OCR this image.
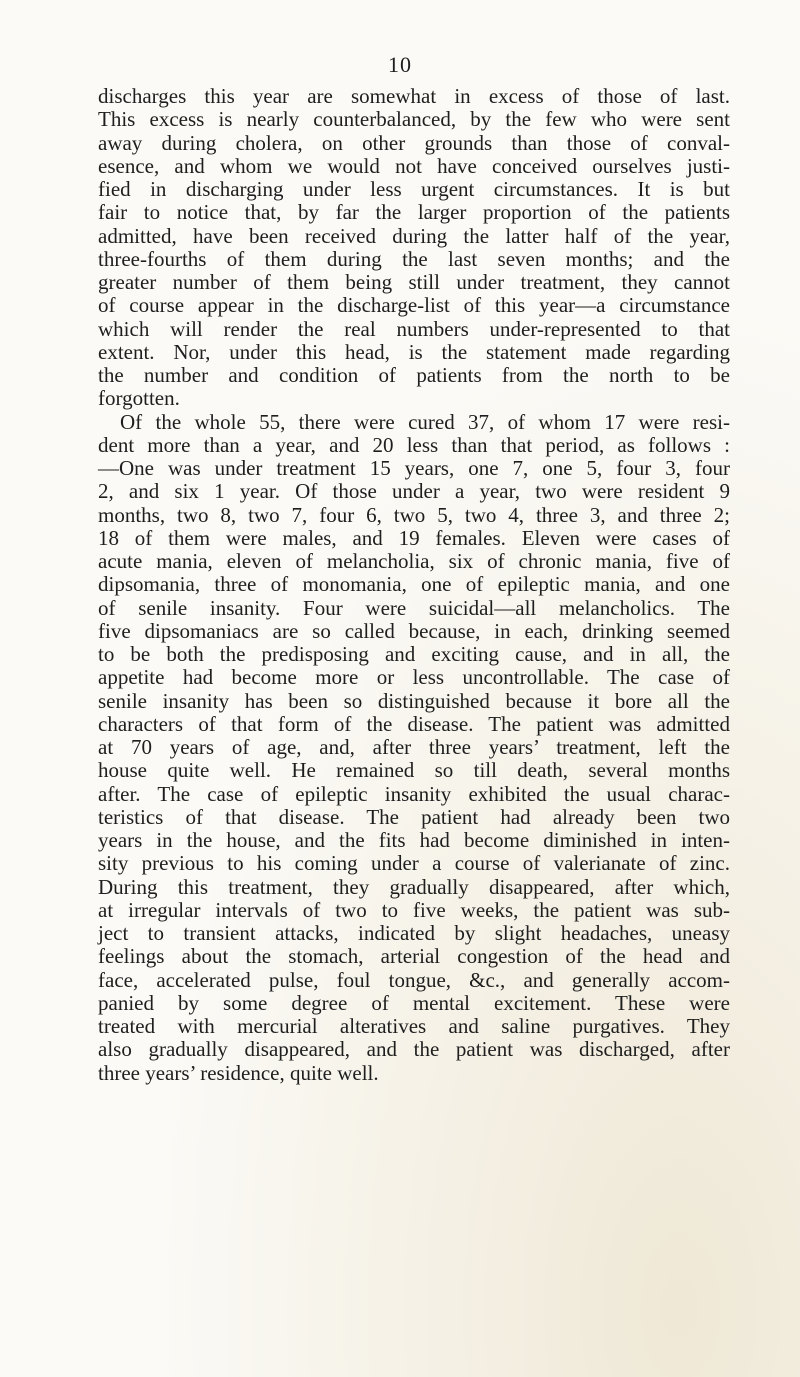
10
discharges this year are somewhat in excess of those of last.
This excess is nearly counterbalanced, by the few who were sent
away during cholera, on other grounds than those of conval-
esence, and whom we would not have conceived ourselves justi-
fied in discharging under less urgent circumstances. It is but
fair to notice that, by far the larger proportion of the patients
admitted, have been received during the latter half of the year,
three-fourths of them during the last seven months; and the
greater number of them being still under treatment, they cannot
of course appear in the discharge-list of this year—a circumstance
which will render the real numbers under-represented to that
extent. Nor, under this head, is the statement made regarding
the number and condition of patients from the north to be
forgotten.
Of the whole 55, there were cured 37, of whom 17 were resi-
dent more than a year, and 20 less than that period, as follows :
—One was under treatment 15 years, one 7, one 5, four 3, four
2, and six 1 year. Of those under a year, two were resident 9
months, two 8, two 7, four 6, two 5, two 4, three 3, and three 2;
18 of them were males, and 19 females. Eleven were cases of
acute mania, eleven of melancholia, six of chronic mania, five of
dipsomania, three of monomania, one of epileptic mania, and one
of senile insanity. Four were suicidal—all melancholics. The
five dipsomaniacs are so called because, in each, drinking seemed
to be both the predisposing and exciting cause, and in all, the
appetite had become more or less uncontrollable. The case of
senile insanity has been so distinguished because it bore all the
characters of that form of the disease. The patient was admitted
at 70 years of age, and, after three years’ treatment, left the
house quite well. He remained so till death, several months
after. The case of epileptic insanity exhibited the usual charac-
teristics of that disease. The patient had already been two
years in the house, and the fits had become diminished in inten-
sity previous to his coming under a course of valerianate of zinc.
During this treatment, they gradually disappeared, after which,
at irregular intervals of two to five weeks, the patient was sub-
ject to transient attacks, indicated by slight headaches, uneasy
feelings about the stomach, arterial congestion of the head and
face, accelerated pulse, foul tongue, &c., and generally accom-
panied by some degree of mental excitement. These were
treated with mercurial alteratives and saline purgatives. They
also gradually disappeared, and the patient was discharged, after
three years’ residence, quite well.
